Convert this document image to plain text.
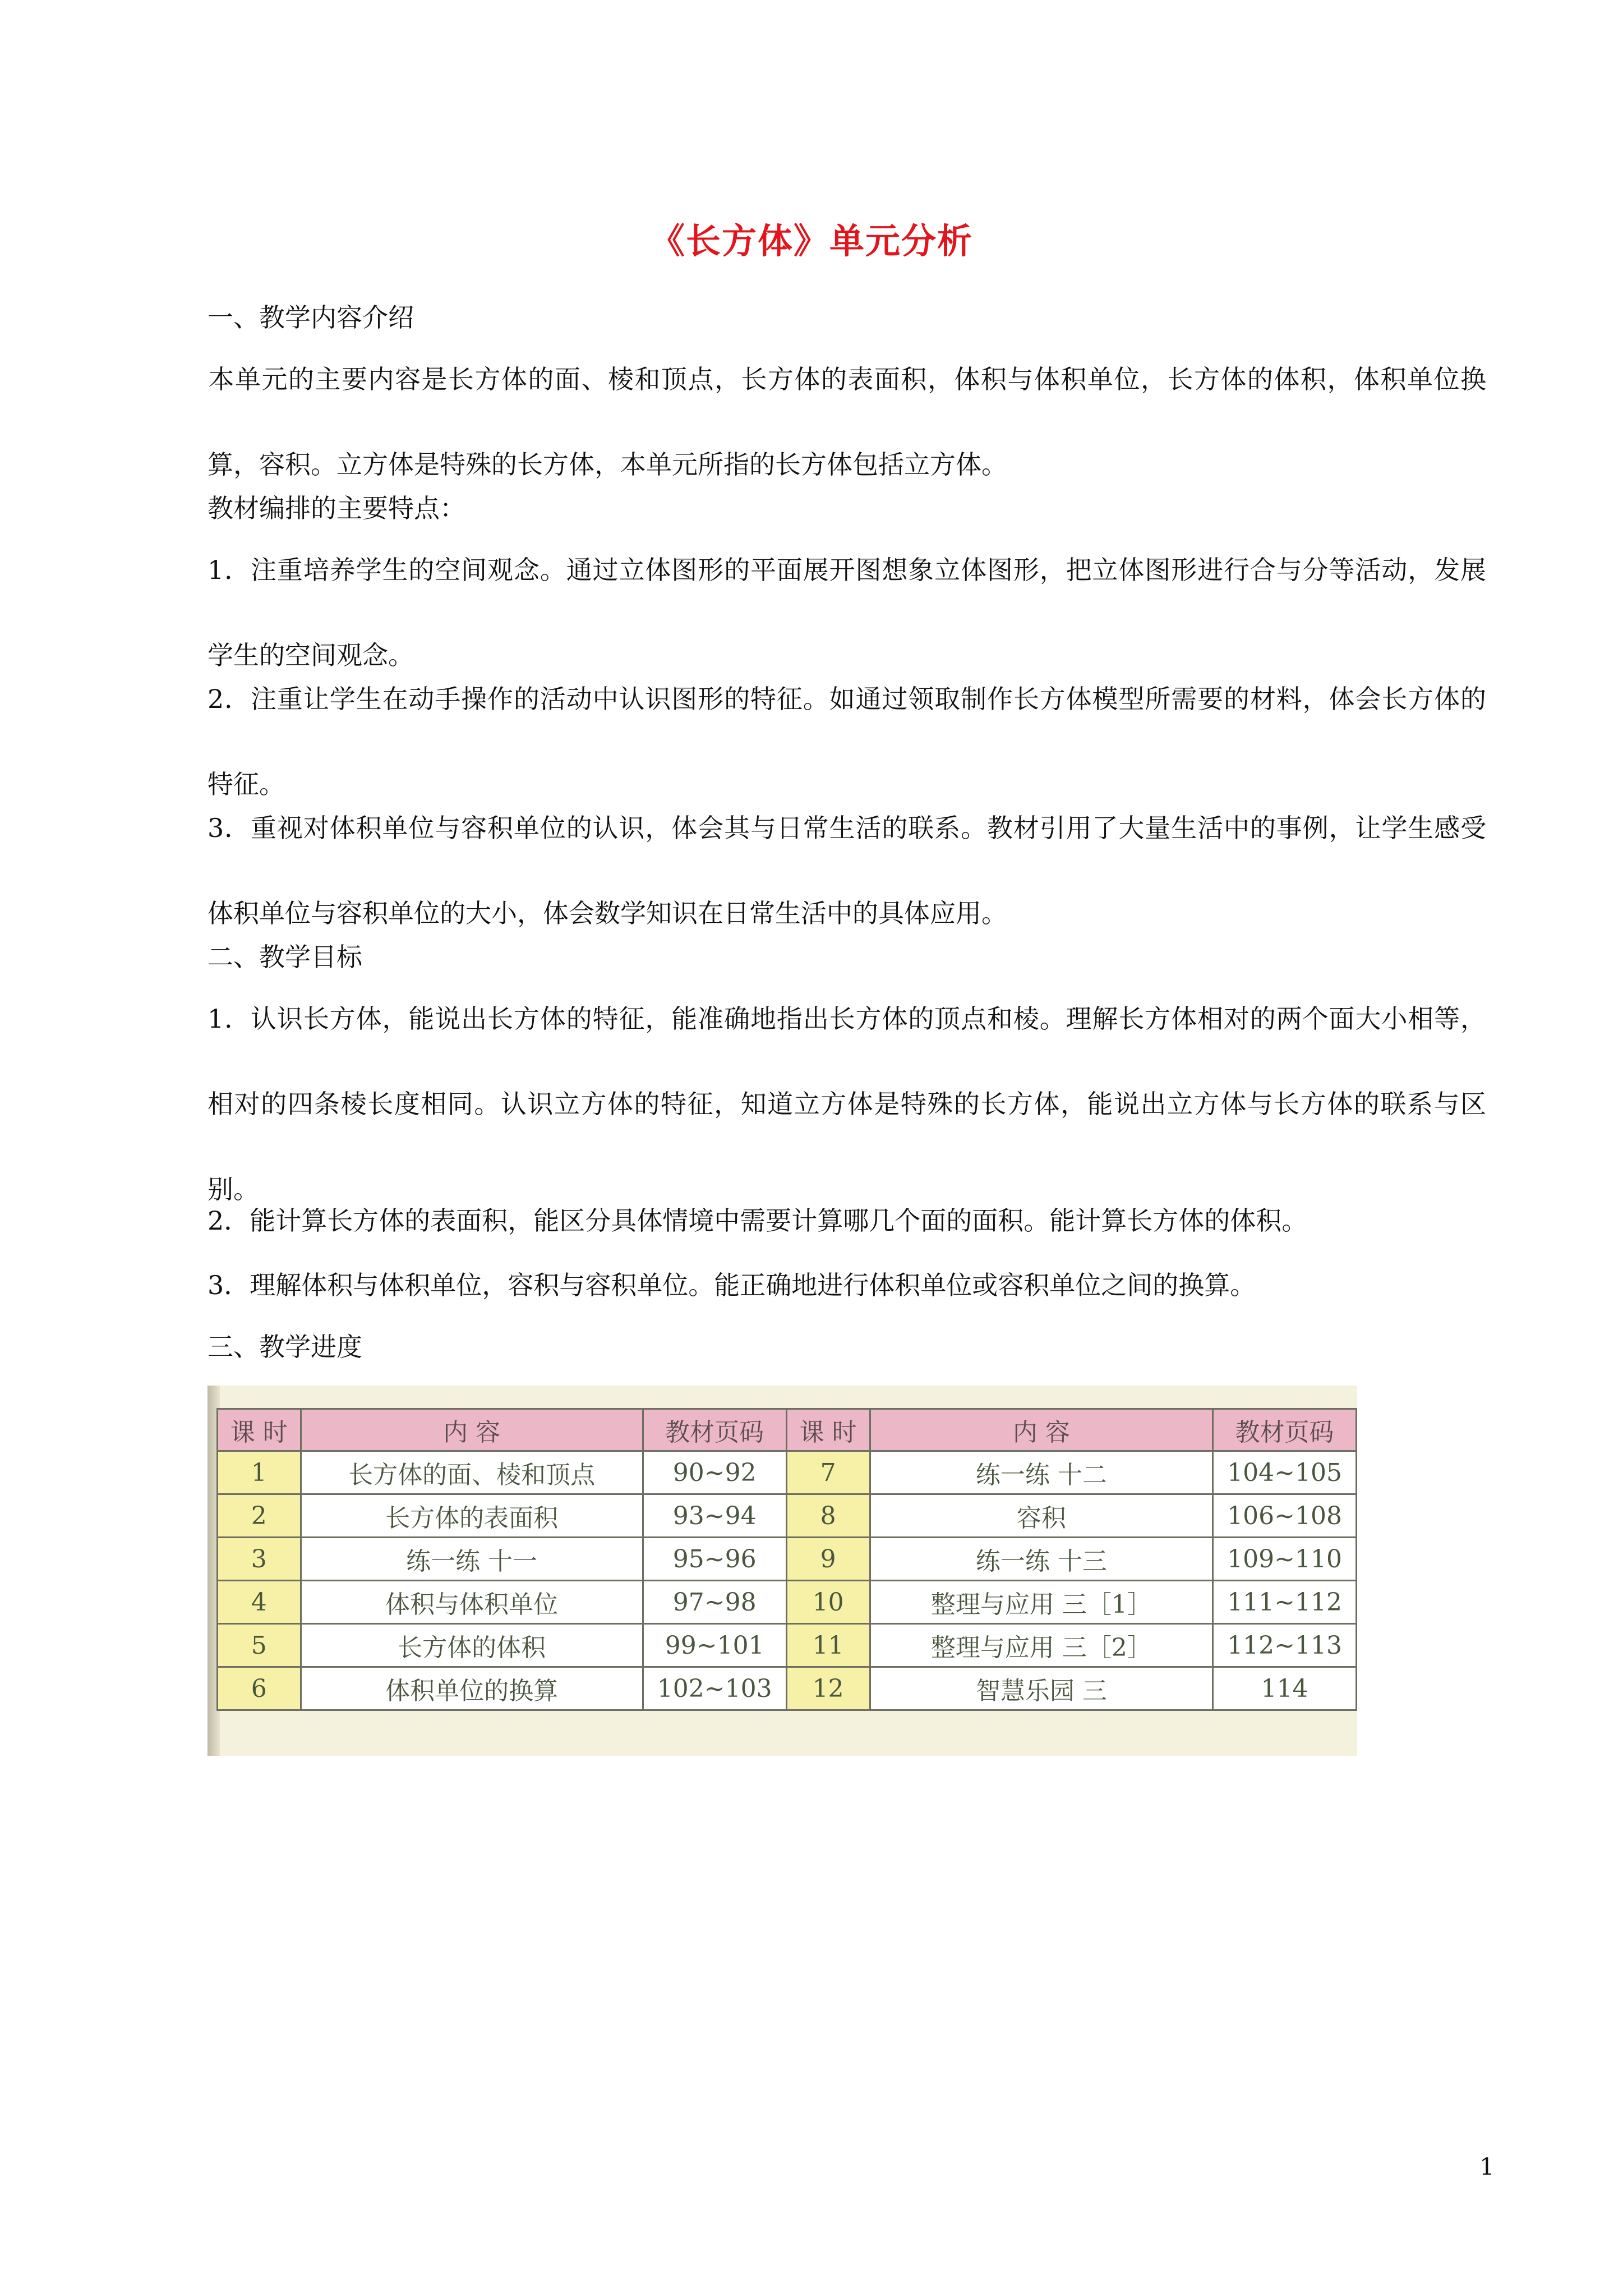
《长方体》单元分析
一、教学内容介绍
本单元的主要内容是长方体的面、棱和顶点，长方体的表面积，体积与体积单位，长方体的体积，体积单位换算，容积。立方体是特殊的长方体，本单元所指的长方体包括立方体。
教材编排的主要特点：
1．注重培养学生的空间观念。通过立体图形的平面展开图想象立体图形，把立体图形进行合与分等活动，发展学生的空间观念。
2．注重让学生在动手操作的活动中认识图形的特征。如通过领取制作长方体模型所需要的材料，体会长方体的特征。
3．重视对体积单位与容积单位的认识，体会其与日常生活的联系。教材引用了大量生活中的事例，让学生感受体积单位与容积单位的大小，体会数学知识在日常生活中的具体应用。
二、教学目标
1．认识长方体，能说出长方体的特征，能准确地指出长方体的顶点和棱。理解长方体相对的两个面大小相等，相对的四条棱长度相同。认识立方体的特征，知道立方体是特殊的长方体，能说出立方体与长方体的联系与区别。
2．能计算长方体的表面积，能区分具体情境中需要计算哪几个面的面积。能计算长方体的体积。
3．理解体积与体积单位，容积与容积单位。能正确地进行体积单位或容积单位之间的换算。
三、教学进度
课 时	内 容	教材页码	课 时	内 容	教材页码
1	长方体的面、棱和顶点	90~92	7	练一练 十二	104~105
2	长方体的表面积	93~94	8	容积	106~108
3	练一练 十一	95~96	9	练一练 十三	109~110
4	体积与体积单位	97~98	10	整理与应用 三［1］	111~112
5	长方体的体积	99~101	11	整理与应用 三［2］	112~113
6	体积单位的换算	102~103	12	智慧乐园 三	114
1
